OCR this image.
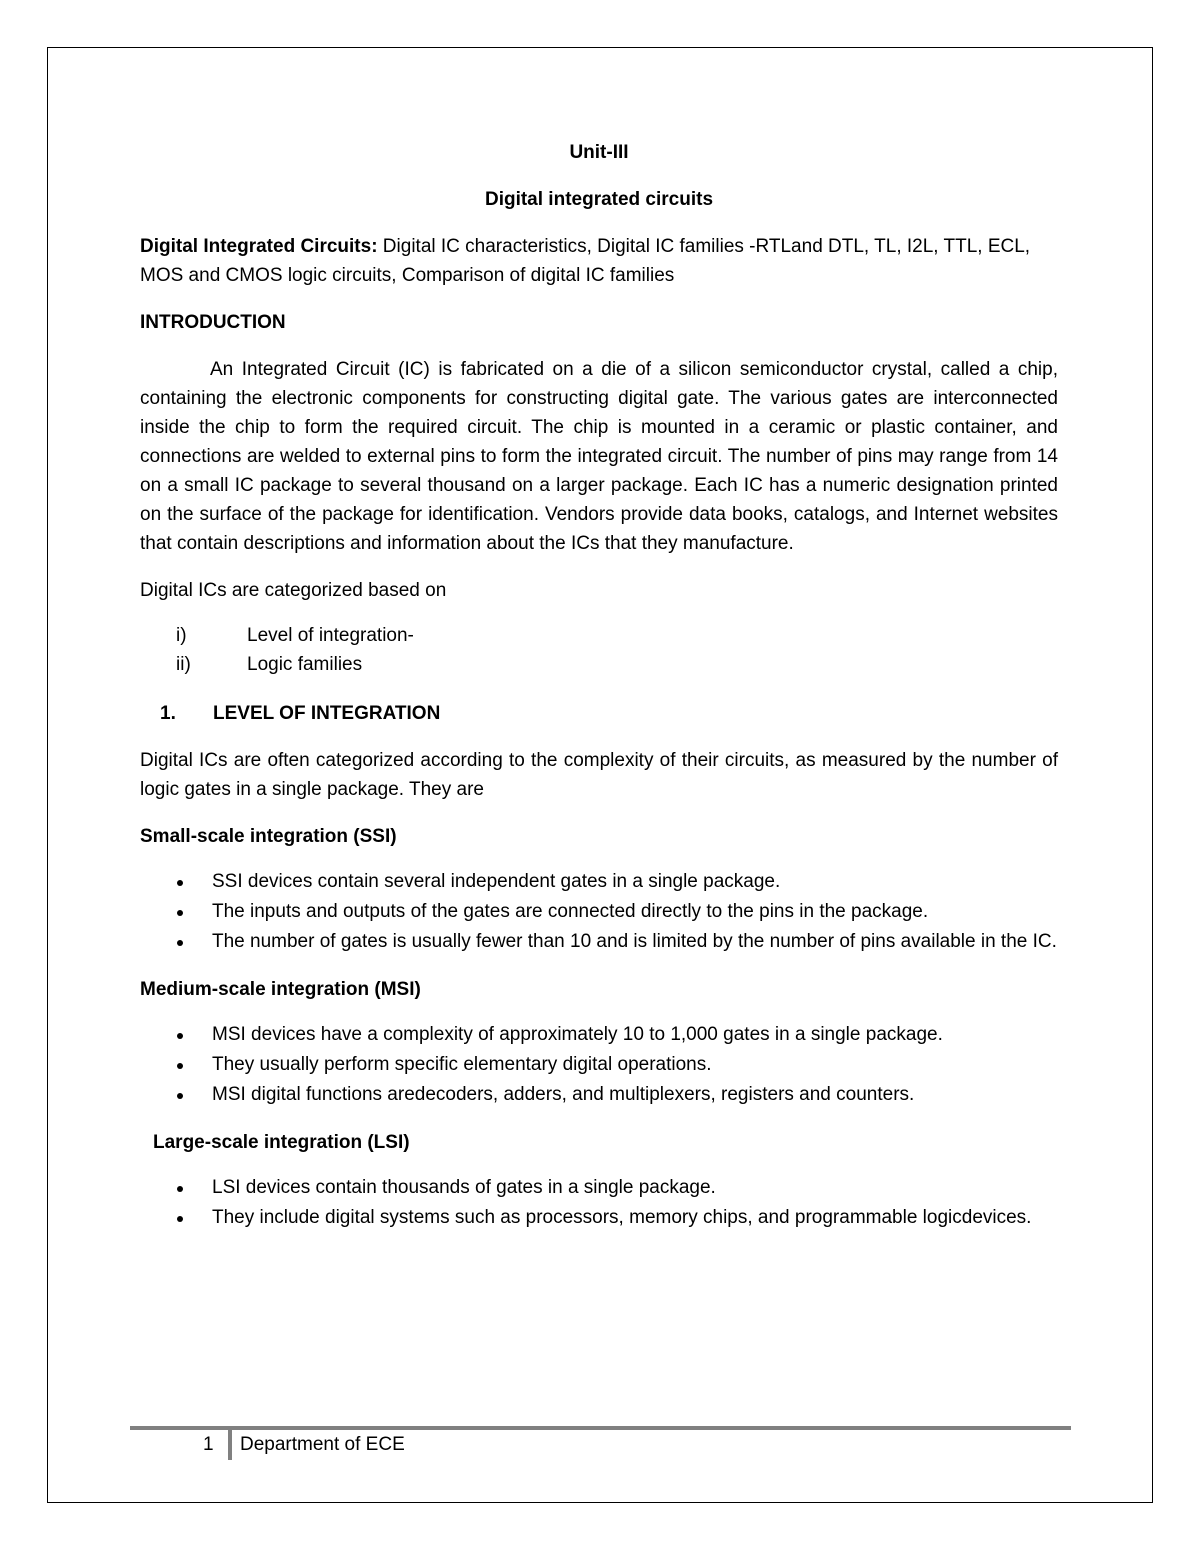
Unit-III

Digital integrated circuits

Digital Integrated Circuits: Digital IC characteristics, Digital IC families -RTLand DTL, TL, I2L, TTL, ECL, MOS and CMOS logic circuits, Comparison of digital IC families

INTRODUCTION

An Integrated Circuit (IC) is fabricated on a die of a silicon semiconductor crystal, called a chip, containing the electronic components for constructing digital gate. The various gates are interconnected inside the chip to form the required circuit. The chip is mounted in a ceramic or plastic container, and connections are welded to external pins to form the integrated circuit. The number of pins may range from 14 on a small IC package to several thousand on a larger package. Each IC has a numeric designation printed on the surface of the package for identification. Vendors provide data books, catalogs, and Internet websites that contain descriptions and information about the ICs that they manufacture.

Digital ICs are categorized based on

i)	Level of integration-
ii)	Logic families

1. LEVEL OF INTEGRATION

Digital ICs are often categorized according to the complexity of their circuits, as measured by the number of logic gates in a single package. They are

Small-scale integration (SSI)

SSI devices contain several independent gates in a single package.
The inputs and outputs of the gates are connected directly to the pins in the package.
The number of gates is usually fewer than 10 and is limited by the number of pins available in the IC.

Medium-scale integration (MSI)

MSI devices have a complexity of approximately 10 to 1,000 gates in a single package.
They usually perform specific elementary digital operations.
MSI digital functions aredecoders, adders, and multiplexers, registers and counters.

Large-scale integration (LSI)

LSI devices contain thousands of gates in a single package.
They include digital systems such as processors, memory chips, and programmable logicdevices.
1 Department of ECE
